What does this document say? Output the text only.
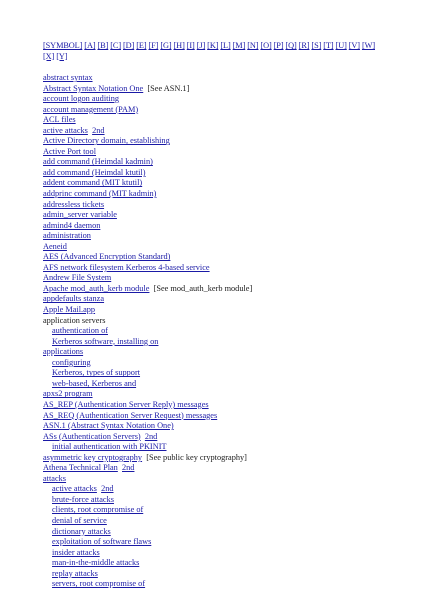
[SYMBOL] [A] [B] [C] [D] [E] [F] [G] [H] [I] [J] [K] [L] [M] [N] [O] [P] [Q] [R] [S] [T] [U] [V] [W] [X] [Y]
abstract syntax
Abstract Syntax Notation One [See ASN.1]
account logon auditing
account management (PAM)
ACL files
active attacks 2nd
Active Directory domain, establishing
Active Port tool
add command (Heimdal kadmin)
add command (Heimdal ktutil)
addent command (MIT ktutil)
addprinc command (MIT kadmin)
addressless tickets
admin_server variable
admind4 daemon
administration
Aeneid
AES (Advanced Encryption Standard)
AFS network filesystem Kerberos 4-based service
Andrew File System
Apache mod_auth_kerb module [See mod_auth_kerb module]
appdefaults stanza
Apple Mail.app
application servers
authentication of
Kerberos software, installing on
applications
configuring
Kerberos, types of support
web-based, Kerberos and
apxs2 program
AS_REP (Authentication Server Reply) messages
AS_REQ (Authentication Server Request) messages
ASN.1 (Abstract Syntax Notation One)
ASs (Authentication Servers) 2nd
initial authentication with PKINIT
asymmetric key cryptography [See public key cryptography]
Athena Technical Plan 2nd
attacks
active attacks 2nd
brute-force attacks
clients, root compromise of
denial of service
dictionary attacks
exploitation of software flaws
insider attacks
man-in-the-middle attacks
replay attacks
servers, root compromise of
